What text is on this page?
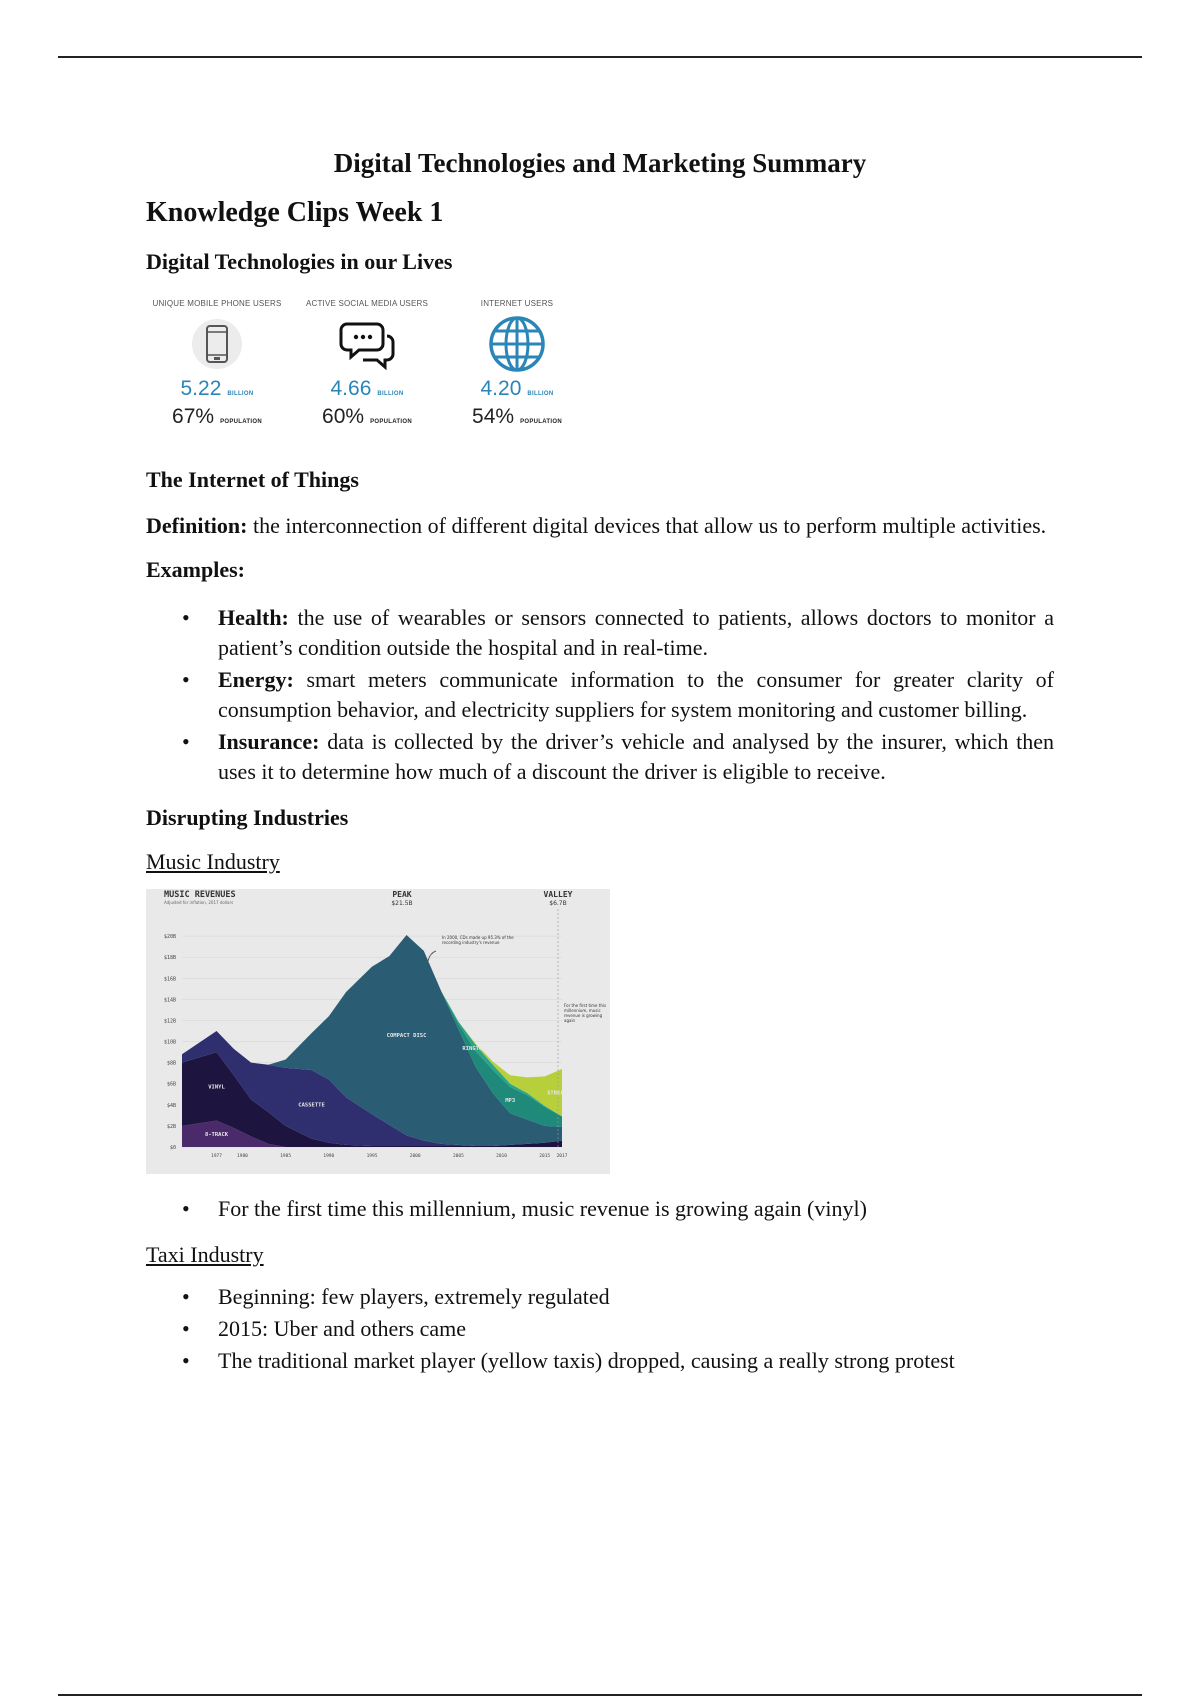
Digital Technologies and Marketing Summary
Knowledge Clips Week 1
Digital Technologies in our Lives
UNIQUE MOBILE PHONE USERS
5.22 BILLION
67% POPULATION
ACTIVE SOCIAL MEDIA USERS
4.66 BILLION
60% POPULATION
INTERNET USERS
4.20 BILLION
54% POPULATION
The Internet of Things
Definition: the interconnection of different digital devices that allow us to perform multiple activities.
Examples:
• Health: the use of wearables or sensors connected to patients, allows doctors to monitor a patient’s condition outside the hospital and in real-time.
• Energy: smart meters communicate information to the consumer for greater clarity of consumption behavior, and electricity suppliers for system monitoring and customer billing.
• Insurance: data is collected by the driver’s vehicle and analysed by the insurer, which then uses it to determine how much of a discount the driver is eligible to receive.
Disrupting Industries
Music Industry
$0
$2B
$4B
$6B
$8B
$10B
$12B
$14B
$16B
$18B
$20B
1977	1980	1985	1990	1995	2000	2005	2010	2015 2017
MUSIC REVENUES
Adjusted for inflation, 2017 dollars
PEAK
$21.5B
VALLEY
$6.7B
In 2000, CDs made up 95.3% of the recording industry's revenue
For the first time this millennium, music revenue is growing again
8-TRACK
VINYL
CASSETTE
COMPACT DISC
MP3
RINGTONE
STREAMING
• For the first time this millennium, music revenue is growing again (vinyl)
Taxi Industry
• Beginning: few players, extremely regulated
• 2015: Uber and others came
• The traditional market player (yellow taxis) dropped, causing a really strong protest
